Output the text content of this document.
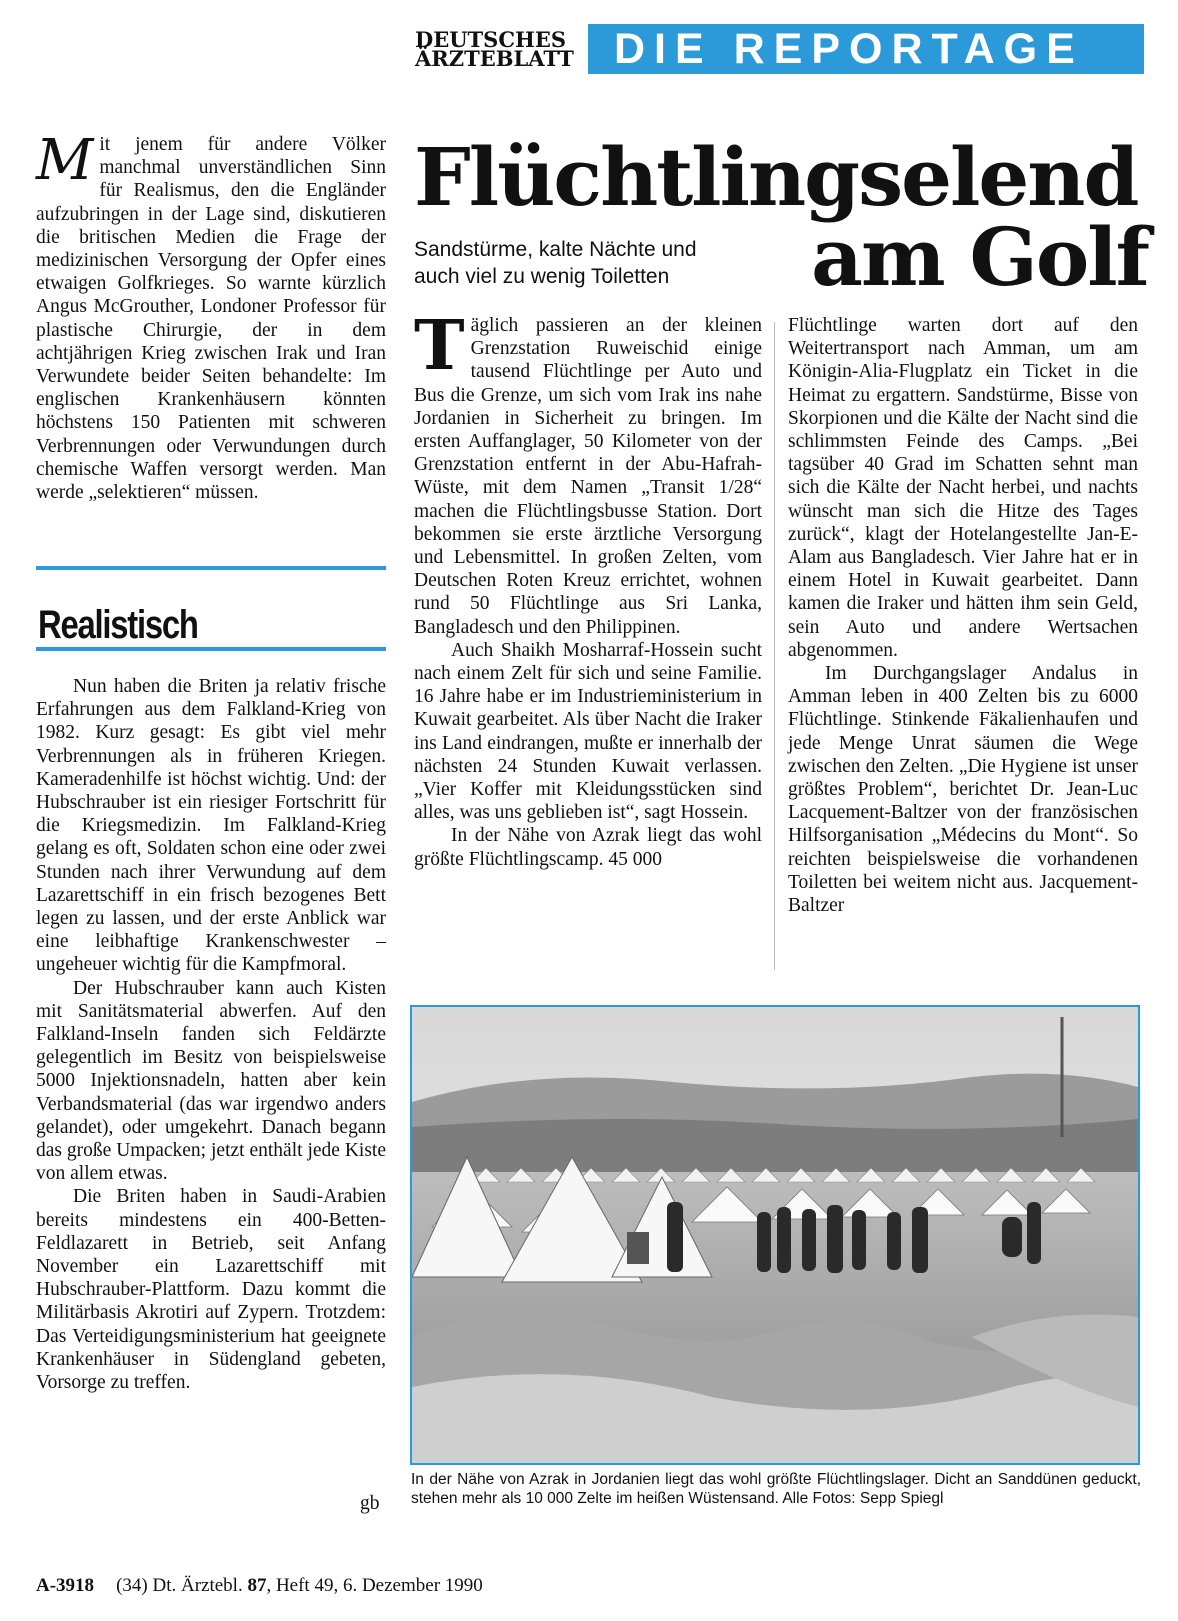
DEUTSCHES
ÄRZTEBLATT DIE REPORTAGE
Flüchtlingselend
am Golf
Sandstürme, kalte Nächte und
auch viel zu wenig Toiletten

Mit jenem für andere Völker manchmal unverständlichen Sinn für Realismus, den die Engländer aufzubringen in der Lage sind, diskutieren die britischen Medien die Frage der medizinischen Versorgung der Opfer eines etwaigen Golfkrieges. So warnte kürzlich Angus McGrouther, Londoner Professor für plastische Chirurgie, der in dem achtjährigen Krieg zwischen Irak und Iran Verwundete beider Seiten behandelte: Im englischen Krankenhäusern könnten höchstens 150 Patienten mit schweren Verbrennungen oder Verwundungen durch chemische Waffen versorgt werden. Man werde „selektieren“ müssen.

Realistisch

Nun haben die Briten ja relativ frische Erfahrungen aus dem Falkland-Krieg von 1982. Kurz gesagt: Es gibt viel mehr Verbrennungen als in früheren Kriegen. Kameradenhilfe ist höchst wichtig. Und: der Hubschrauber ist ein riesiger Fortschritt für die Kriegsmedizin. Im Falkland-Krieg gelang es oft, Soldaten schon eine oder zwei Stunden nach ihrer Verwundung auf dem Lazarettschiff in ein frisch bezogenes Bett legen zu lassen, und der erste Anblick war eine leibhaftige Krankenschwester – ungeheuer wichtig für die Kampfmoral.

Der Hubschrauber kann auch Kisten mit Sanitätsmaterial abwerfen. Auf den Falkland-Inseln fanden sich Feldärzte gelegentlich im Besitz von beispielsweise 5000 Injektionsnadeln, hatten aber kein Verbandsmaterial (das war irgendwo anders gelandet), oder umgekehrt. Danach begann das große Umpacken; jetzt enthält jede Kiste von allem etwas.

Die Briten haben in Saudi-Arabien bereits mindestens ein 400-Betten-Feldlazarett in Betrieb, seit Anfang November ein Lazarettschiff mit Hubschrauber-Plattform. Dazu kommt die Militärbasis Akrotiri auf Zypern. Trotzdem: Das Verteidigungsministerium hat geeignete Krankenhäuser in Südengland gebeten, Vorsorge zu treffen.

gb

Täglich passieren an der kleinen Grenzstation Ruweischid einige tausend Flüchtlinge per Auto und Bus die Grenze, um sich vom Irak ins nahe Jordanien in Sicherheit zu bringen. Im ersten Auffanglager, 50 Kilometer von der Grenzstation entfernt in der Abu-Hafrah-Wüste, mit dem Namen „Transit 1/28“ machen die Flüchtlingsbusse Station. Dort bekommen sie erste ärztliche Versorgung und Lebensmittel. In großen Zelten, vom Deutschen Roten Kreuz errichtet, wohnen rund 50 Flüchtlinge aus Sri Lanka, Bangladesch und den Philippinen.

Auch Shaikh Mosharraf-Hossein sucht nach einem Zelt für sich und seine Familie. 16 Jahre habe er im Industrieministerium in Kuwait gearbeitet. Als über Nacht die Iraker ins Land eindrangen, mußte er innerhalb der nächsten 24 Stunden Kuwait verlassen. „Vier Koffer mit Kleidungsstücken sind alles, was uns geblieben ist“, sagt Hossein.

In der Nähe von Azrak liegt das wohl größte Flüchtlingscamp. 45 000

Flüchtlinge warten dort auf den Weitertransport nach Amman, um am Königin-Alia-Flugplatz ein Ticket in die Heimat zu ergattern. Sandstürme, Bisse von Skorpionen und die Kälte der Nacht sind die schlimmsten Feinde des Camps. „Bei tagsüber 40 Grad im Schatten sehnt man sich die Kälte der Nacht herbei, und nachts wünscht man sich die Hitze des Tages zurück“, klagt der Hotelangestellte Jan-E-Alam aus Bangladesch. Vier Jahre hat er in einem Hotel in Kuwait gearbeitet. Dann kamen die Iraker und hätten ihm sein Geld, sein Auto und andere Wertsachen abgenommen.

Im Durchgangslager Andalus in Amman leben in 400 Zelten bis zu 6000 Flüchtlinge. Stinkende Fäkalienhaufen und jede Menge Unrat säumen die Wege zwischen den Zelten. „Die Hygiene ist unser größtes Problem“, berichtet Dr. Jean-Luc Lacquement-Baltzer von der französischen Hilfsorganisation „Médecins du Mont“. So reichten beispielsweise die vorhandenen Toiletten bei weitem nicht aus. Jacquement-Baltzer

In der Nähe von Azrak in Jordanien liegt das wohl größte Flüchtlingslager. Dicht an Sanddünen geduckt, stehen mehr als 10 000 Zelte im heißen Wüstensand. Alle Fotos: Sepp Spiegl
A-3918 (34) Dt. Ärztebl. 87, Heft 49, 6. Dezember 1990
